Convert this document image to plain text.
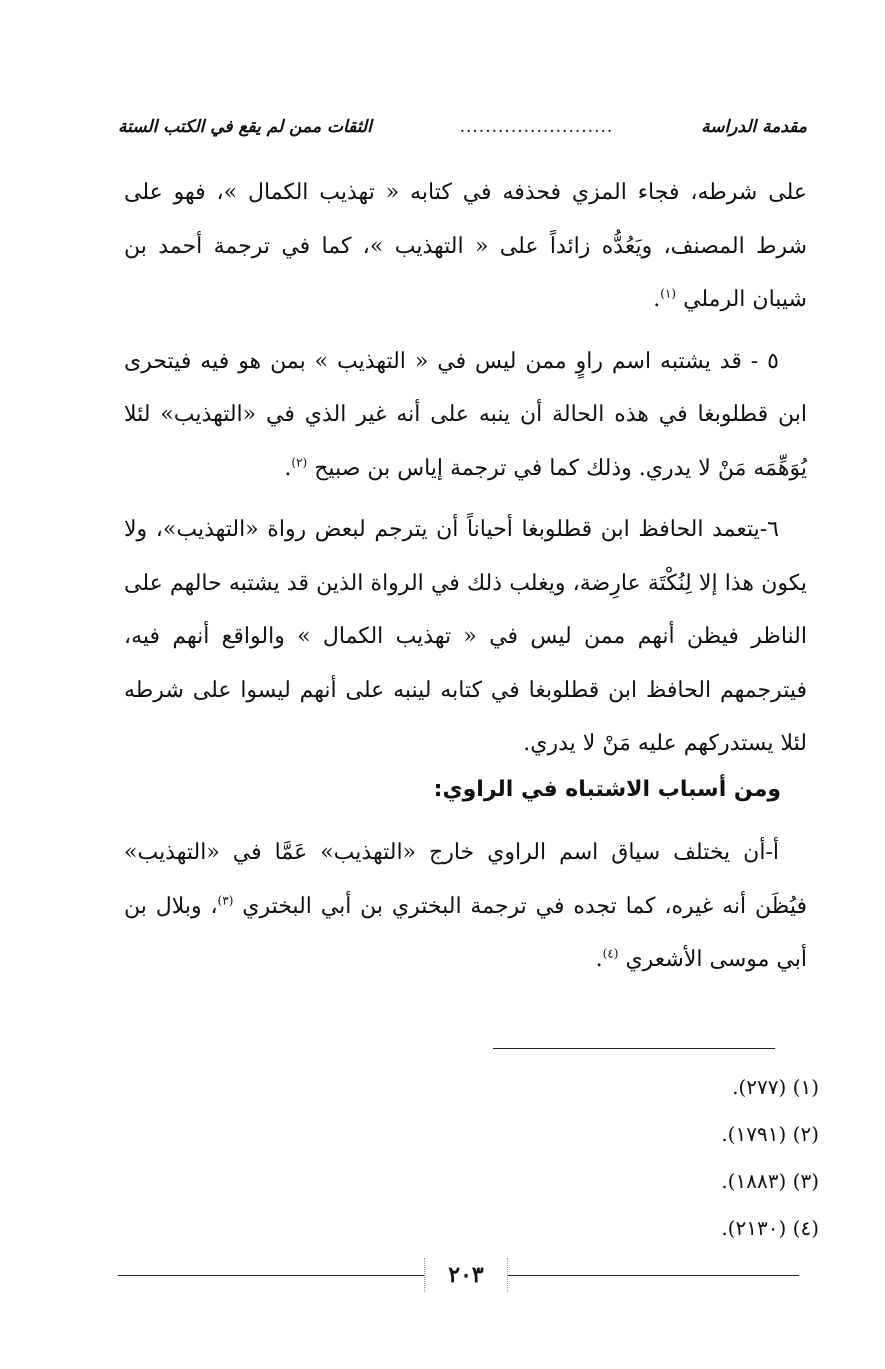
مقدمة الدراسة
........................
الثقات ممن لم يقع في الكتب الستة

على شرطه، فجاء المزي فحذفه في كتابه « تهذيب الكمال »، فهو على شرط المصنف، ويَعُدُّه زائداً على « التهذيب »، كما في ترجمة أحمد بن شيبان الرملي $^{(١)}$.

٥ - قد يشتبه اسم راوٍ ممن ليس في « التهذيب » بمن هو فيه فيتحرى ابن قطلوبغا في هذه الحالة أن ينبه على أنه غير الذي في «التهذيب» لئلا يُوَهِّمَه مَنْ لا يدري. وذلك كما في ترجمة إياس بن صبيح $^{(٢)}$.

٦-يتعمد الحافظ ابن قطلوبغا أحياناً أن يترجم لبعض رواة «التهذيب»، ولا يكون هذا إلا لِنُكْتَة عارِضة، ويغلب ذلك في الرواة الذين قد يشتبه حالهم على الناظر فيظن أنهم ممن ليس في « تهذيب الكمال » والواقع أنهم فيه، فيترجمهم الحافظ ابن قطلوبغا في كتابه لينبه على أنهم ليسوا على شرطه لئلا يستدركهم عليه مَنْ لا يدري.

ومن أسباب الاشتباه في الراوي:

أ-أن يختلف سياق اسم الراوي خارج «التهذيب» عَمَّا في «التهذيب» فيُظَن أنه غيره، كما تجده في ترجمة البختري بن أبي البختري $^{(٣)}$، وبلال بن أبي موسى الأشعري $^{(٤)}$.

(١) (٢٧٧).
(٢) (١٧٩١).
(٣) (١٨٨٣).
(٤) (٢١٣٠).
٢٠٣
